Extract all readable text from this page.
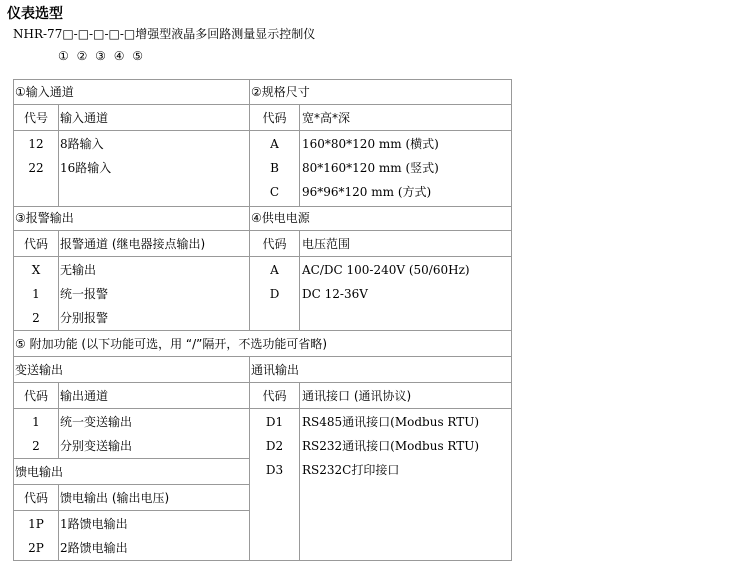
仪表选型
NHR-77□-□-□-□-□增强型液晶多回路测量显示控制仪
① ② ③ ④ ⑤
①输入通道
代号	输入通道
12	8路输入
22	16路输入
②规格尺寸
代码	宽*高*深
A	160*80*120 mm (横式)
B	80*160*120 mm (竖式)
C	96*96*120 mm (方式)
③报警输出
代码	报警通道 (继电器接点输出)
X	无输出
1	统一报警
2	分别报警
④供电电源
代码	电压范围
A	AC/DC 100-240V (50/60Hz)
D	DC 12-36V
⑤ 附加功能 (以下功能可选，用 “/”隔开，不选功能可省略)
变送输出
代码	输出通道
1	统一变送输出
2	分别变送输出
通讯输出
代码	通讯接口 (通讯协议)
D1	RS485通讯接口(Modbus RTU)
D2	RS232通讯接口(Modbus RTU)
D3	RS232C打印接口
馈电输出
代码	馈电输出 (输出电压)
1P	1路馈电输出
2P	2路馈电输出
